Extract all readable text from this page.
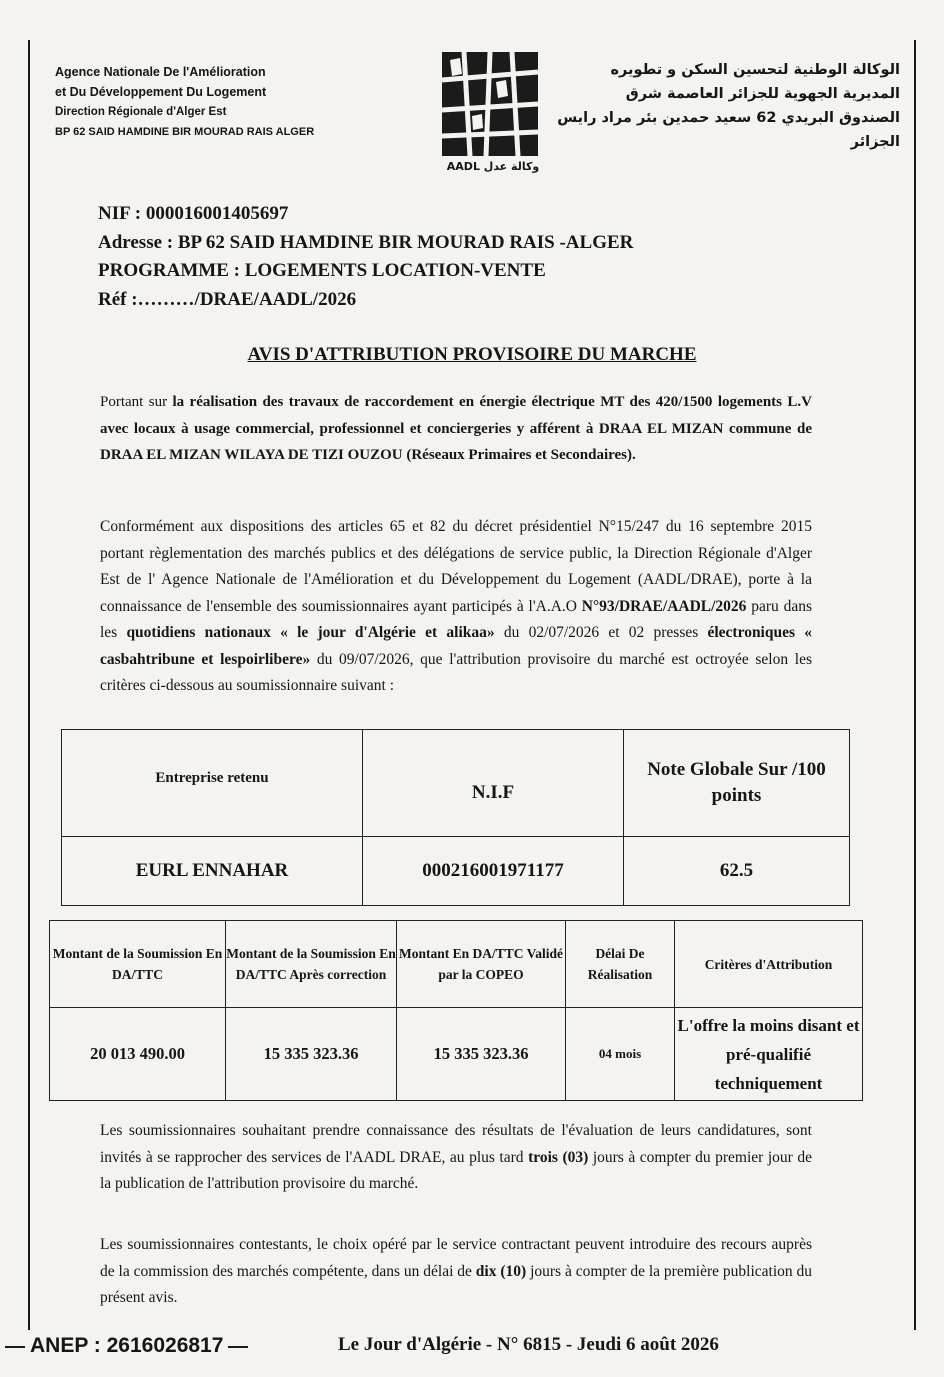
Agence Nationale De l'Amélioration
et Du Développement Du Logement
Direction Régionale d'Alger Est
BP 62 SAID HAMDINE BIR MOURAD RAIS ALGER
AADL وكالة عدل
الوكالة الوطنية لتحسين السكن و تطويره
المديرية الجهوية للجزائر العاصمة شرق
الصندوق البريدي 62 سعيد حمدين بئر مراد رايس
الجزائر
NIF : 000016001405697
Adresse : BP 62 SAID HAMDINE BIR MOURAD RAIS -ALGER
PROGRAMME : LOGEMENTS LOCATION-VENTE
Réf :………/DRAE/AADL/2026
AVIS D'ATTRIBUTION PROVISOIRE DU MARCHE
Portant sur la réalisation des travaux de raccordement en énergie électrique MT des 420/1500 logements L.V avec locaux à usage commercial, professionnel et conciergeries y afférent à DRAA EL MIZAN commune de DRAA EL MIZAN WILAYA DE TIZI OUZOU (Réseaux Primaires et Secondaires).
Conformément aux dispositions des articles 65 et 82 du décret présidentiel N°15/247 du 16 septembre 2015 portant règlementation des marchés publics et des délégations de service public, la Direction Régionale d'Alger Est de l' Agence Nationale de l'Amélioration et du Développement du Logement (AADL/DRAE), porte à la connaissance de l'ensemble des soumissionnaires ayant participés à l'A.A.O N°93/DRAE/AADL/2026 paru dans les quotidiens nationaux « le jour d'Algérie et alikaa» du 02/07/2026 et 02 presses électroniques « casbahtribune et lespoirlibere» du 09/07/2026, que l'attribution provisoire du marché est octroyée selon les critères ci-dessous au soumissionnaire suivant :
Entreprise retenu	N.I.F	Note Globale Sur /100 points
EURL ENNAHAR	000216001971177	62.5
Montant de la Soumission En DA/TTC	Montant de la Soumission En DA/TTC Après correction	Montant En DA/TTC Validé par la COPEO	Délai De Réalisation	Critères d'Attribution
20 013 490.00	15 335 323.36	15 335 323.36	04 mois	L'offre la moins disant et pré-qualifié techniquement
Les soumissionnaires souhaitant prendre connaissance des résultats de l'évaluation de leurs candidatures, sont invités à se rapprocher des services de l'AADL DRAE, au plus tard trois (03) jours à compter du premier jour de la publication de l'attribution provisoire du marché.
Les soumissionnaires contestants, le choix opéré par le service contractant peuvent introduire des recours auprès de la commission des marchés compétente, dans un délai de dix (10) jours à compter de la première publication du présent avis.
ANEP : 2616026817	Le Jour d'Algérie - N° 6815 - Jeudi 6 août 2026
